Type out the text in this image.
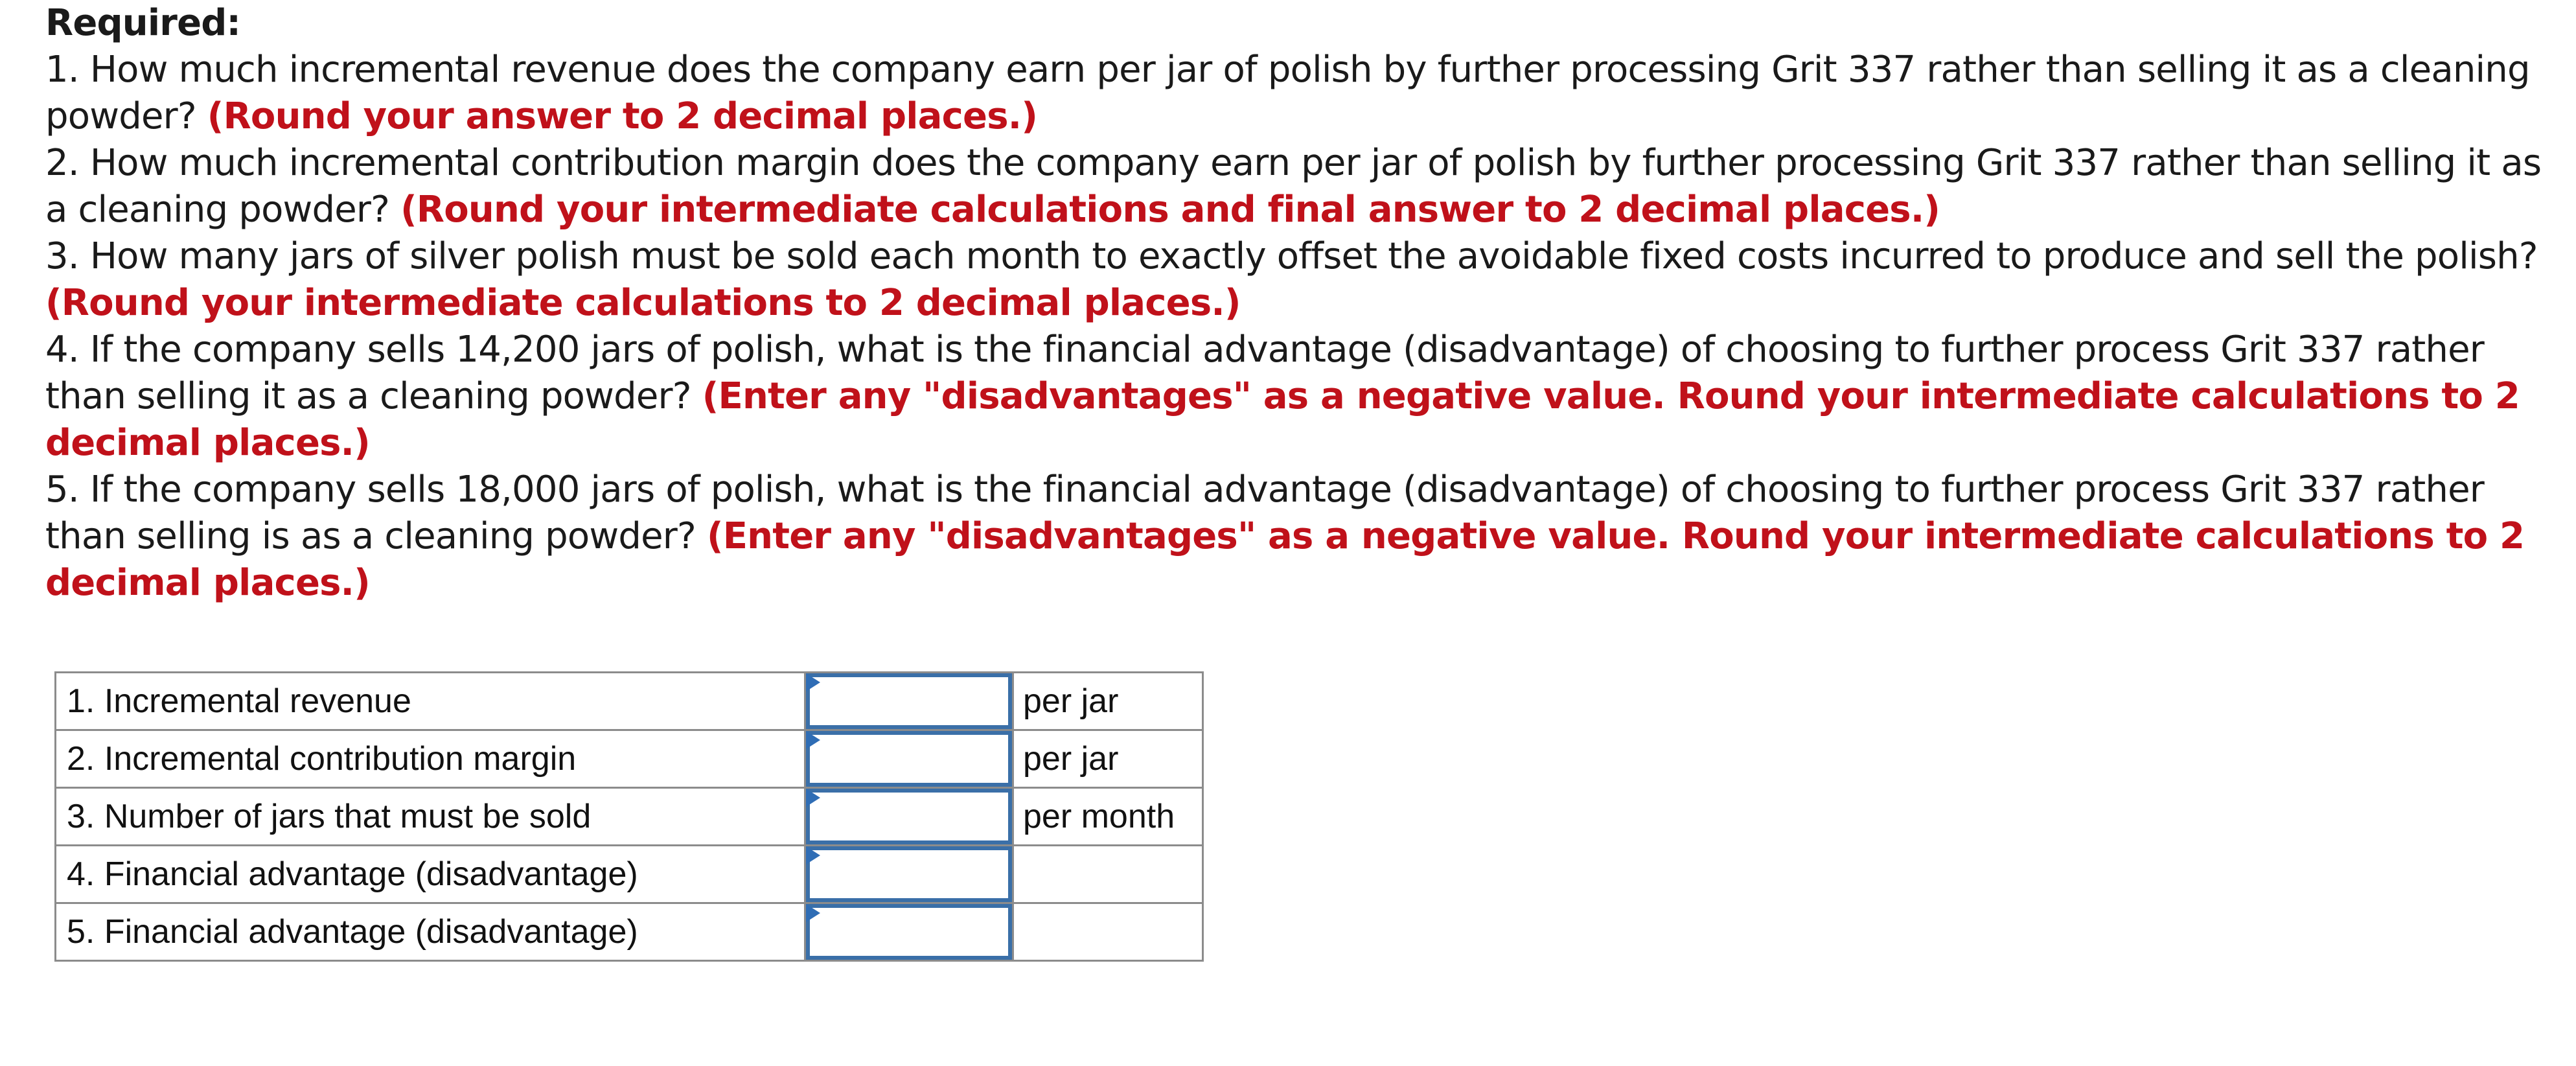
Required:

1. How much incremental revenue does the company earn per jar of polish by further processing Grit 337 rather than selling it as a cleaning powder? (Round your answer to 2 decimal places.)

2. How much incremental contribution margin does the company earn per jar of polish by further processing Grit 337 rather than selling it as a cleaning powder? (Round your intermediate calculations and final answer to 2 decimal places.)

3. How many jars of silver polish must be sold each month to exactly offset the avoidable fixed costs incurred to produce and sell the polish? (Round your intermediate calculations to 2 decimal places.)

4. If the company sells 14,200 jars of polish, what is the financial advantage (disadvantage) of choosing to further process Grit 337 rather than selling it as a cleaning powder? (Enter any "disadvantages" as a negative value. Round your intermediate calculations to 2 decimal places.)

5. If the company sells 18,000 jars of polish, what is the financial advantage (disadvantage) of choosing to further process Grit 337 rather than selling is as a cleaning powder? (Enter any "disadvantages" as a negative value. Round your intermediate calculations to 2 decimal places.)

1. Incremental revenue		per jar
2. Incremental contribution margin		per jar
3. Number of jars that must be sold		per month
4. Financial advantage (disadvantage)	

5. Financial advantage (disadvantage)	
